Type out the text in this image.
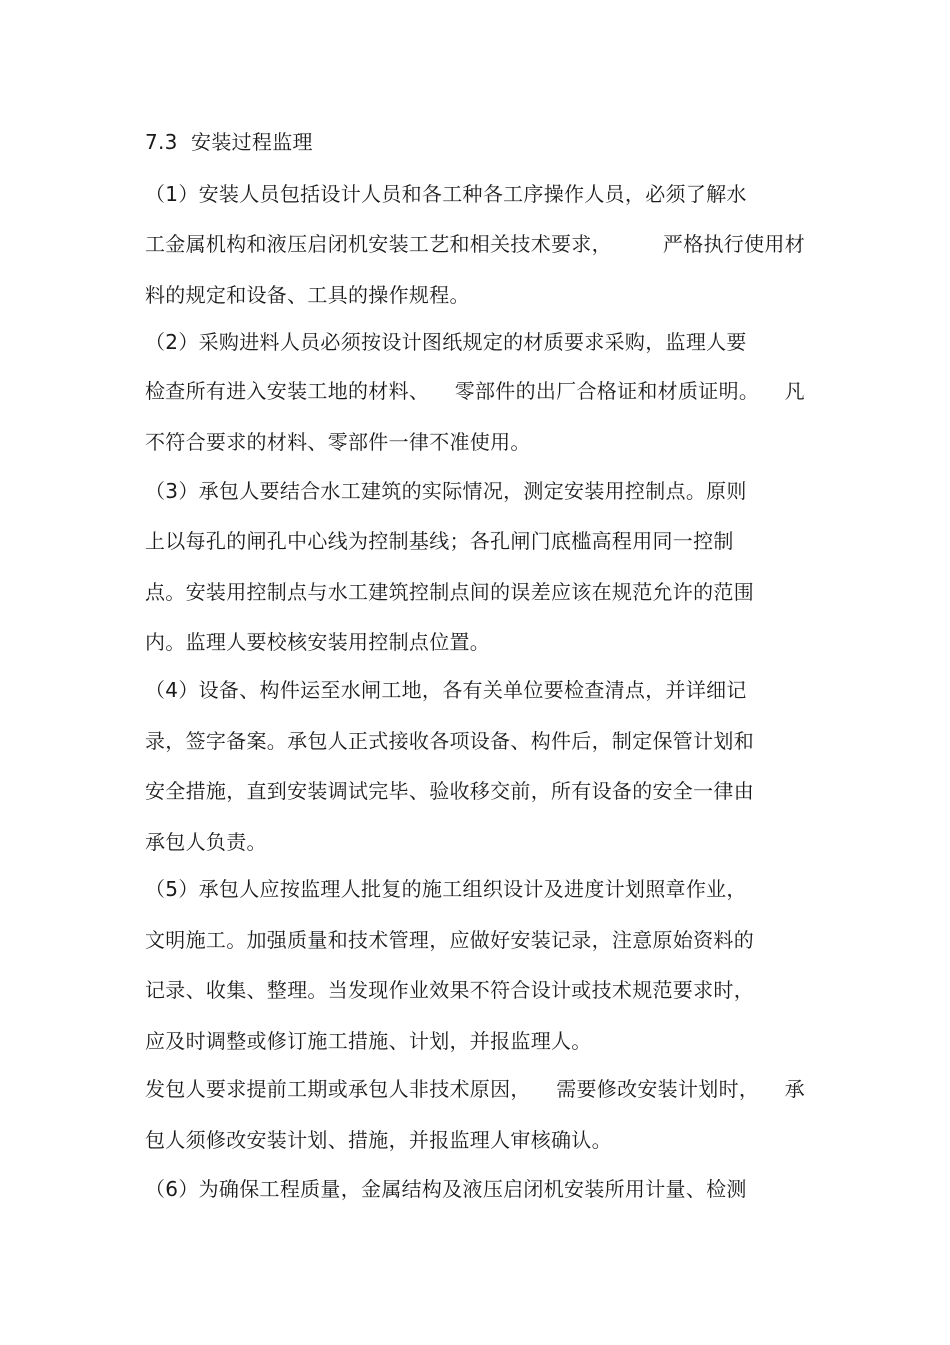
7.3  安装过程监理
（1）安装人员包括设计人员和各工种各工序操作人员，必须了解水
工金属机构和液压启闭机安装工艺和相关技术要求，	严格执行使用材
料的规定和设备、工具的操作规程。
（2）采购进料人员必须按设计图纸规定的材质要求采购，监理人要
检查所有进入安装工地的材料、 零部件的出厂合格证和材质证明。 凡
不符合要求的材料、零部件一律不准使用。
（3）承包人要结合水工建筑的实际情况，测定安装用控制点。原则
上以每孔的闸孔中心线为控制基线；各孔闸门底槛高程用同一控制
点。安装用控制点与水工建筑控制点间的误差应该在规范允许的范围
内。监理人要校核安装用控制点位置。
（4）设备、构件运至水闸工地，各有关单位要检查清点，并详细记
录，签字备案。承包人正式接收各项设备、构件后，制定保管计划和
安全措施，直到安装调试完毕、验收移交前，所有设备的安全一律由
承包人负责。
（5）承包人应按监理人批复的施工组织设计及进度计划照章作业，
文明施工。加强质量和技术管理，应做好安装记录，注意原始资料的
记录、收集、整理。当发现作业效果不符合设计或技术规范要求时，
应及时调整或修订施工措施、计划，并报监理人。
发包人要求提前工期或承包人非技术原因， 需要修改安装计划时， 承
包人须修改安装计划、措施，并报监理人审核确认。
（6）为确保工程质量，金属结构及液压启闭机安装所用计量、检测
